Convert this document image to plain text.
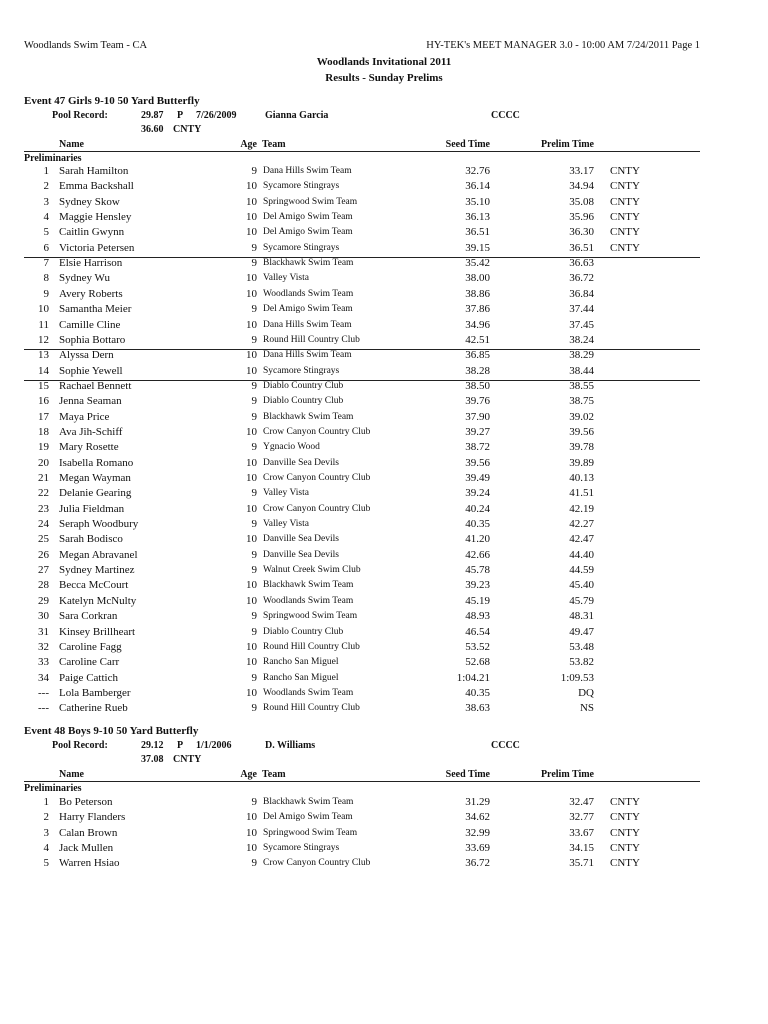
Woodlands Swim Team - CA	HY-TEK's MEET MANAGER 3.0 - 10:00 AM 7/24/2011 Page 1
Woodlands Invitational 2011
Results - Sunday Prelims
Event 47 Girls 9-10 50 Yard Butterfly
Pool Record:	29.87 P 7/26/2009	Gianna Garcia	CCCC
36.60 CNTY
Name	Age Team	Seed Time	Prelim Time
Preliminaries
1 Sarah Hamilton	9 Dana Hills Swim Team	32.76	33.17 CNTY
2 Emma Backshall	10 Sycamore Stingrays	36.14	34.94 CNTY
3 Sydney Skow	10 Springwood Swim Team	35.10	35.08 CNTY
4 Maggie Hensley	10 Del Amigo Swim Team	36.13	35.96 CNTY
5 Caitlin Gwynn	10 Del Amigo Swim Team	36.51	36.30 CNTY
6 Victoria Petersen	9 Sycamore Stingrays	39.15	36.51 CNTY
7 Elsie Harrison	9 Blackhawk Swim Team	35.42	36.63
8 Sydney Wu	10 Valley Vista	38.00	36.72
9 Avery Roberts	10 Woodlands Swim Team	38.86	36.84
10 Samantha Meier	9 Del Amigo Swim Team	37.86	37.44
11 Camille Cline	10 Dana Hills Swim Team	34.96	37.45
12 Sophia Bottaro	9 Round Hill Country Club	42.51	38.24
13 Alyssa Dern	10 Dana Hills Swim Team	36.85	38.29
14 Sophie Yewell	10 Sycamore Stingrays	38.28	38.44
15 Rachael Bennett	9 Diablo Country Club	38.50	38.55
16 Jenna Seaman	9 Diablo Country Club	39.76	38.75
17 Maya Price	9 Blackhawk Swim Team	37.90	39.02
18 Ava Jih-Schiff	10 Crow Canyon Country Club	39.27	39.56
19 Mary Rosette	9 Ygnacio Wood	38.72	39.78
20 Isabella Romano	10 Danville Sea Devils	39.56	39.89
21 Megan Wayman	10 Crow Canyon Country Club	39.49	40.13
22 Delanie Gearing	9 Valley Vista	39.24	41.51
23 Julia Fieldman	10 Crow Canyon Country Club	40.24	42.19
24 Seraph Woodbury	9 Valley Vista	40.35	42.27
25 Sarah Bodisco	10 Danville Sea Devils	41.20	42.47
26 Megan Abravanel	9 Danville Sea Devils	42.66	44.40
27 Sydney Martinez	9 Walnut Creek Swim Club	45.78	44.59
28 Becca McCourt	10 Blackhawk Swim Team	39.23	45.40
29 Katelyn McNulty	10 Woodlands Swim Team	45.19	45.79
30 Sara Corkran	9 Springwood Swim Team	48.93	48.31
31 Kinsey Brillheart	9 Diablo Country Club	46.54	49.47
32 Caroline Fagg	10 Round Hill Country Club	53.52	53.48
33 Caroline Carr	10 Rancho San Miguel	52.68	53.82
34 Paige Cattich	9 Rancho San Miguel	1:04.21	1:09.53
--- Lola Bamberger	10 Woodlands Swim Team	40.35	DQ
--- Catherine Rueb	9 Round Hill Country Club	38.63	NS
Event 48 Boys 9-10 50 Yard Butterfly
Pool Record:	29.12 P 1/1/2006	D. Williams	CCCC
37.08 CNTY
Name	Age Team	Seed Time	Prelim Time
Preliminaries
1 Bo Peterson	9 Blackhawk Swim Team	31.29	32.47 CNTY
2 Harry Flanders	10 Del Amigo Swim Team	34.62	32.77 CNTY
3 Calan Brown	10 Springwood Swim Team	32.99	33.67 CNTY
4 Jack Mullen	10 Sycamore Stingrays	33.69	34.15 CNTY
5 Warren Hsiao	9 Crow Canyon Country Club	36.72	35.71 CNTY
